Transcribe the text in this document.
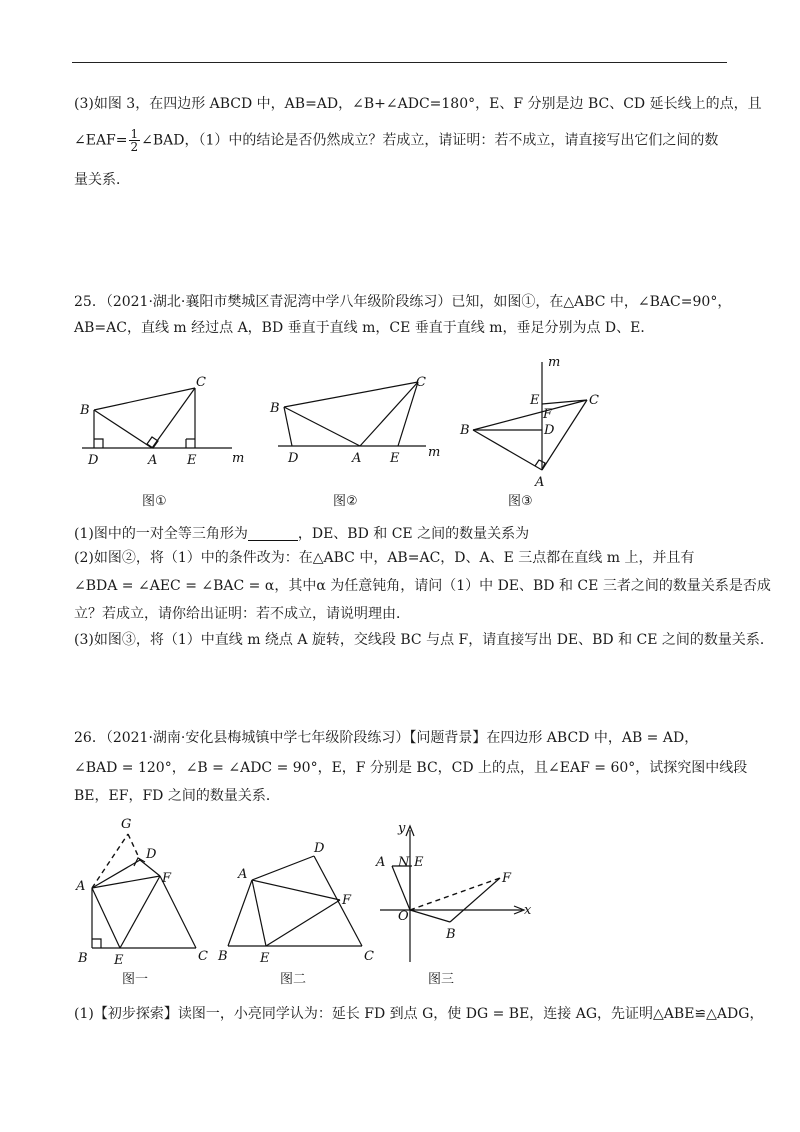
(3)如图 3，在四边形 ABCD 中，AB=AD，∠B+∠ADC=180°，E、F 分别是边 BC、CD 延长线上的点，且
∠EAF= $\frac{1}{2}$ ∠BAD，（1）中的结论是否仍然成立？若成立，请证明：若不成立，请直接写出它们之间的数
量关系．
25．（2021·湖北·襄阳市樊城区青泥湾中学八年级阶段练习）已知，如图①，在△ABC 中，∠BAC=90°，
AB=AC，直线 m 经过点 A，BD 垂直于直线 m，CE 垂直于直线 m，垂足分别为点 D、E．
B
C
D	A E	m
B
C
D	A E m
m
E	C
F
B	D
A
图①	图②	图③
(1)图中的一对全等三角形为	，DE、BD 和 CE 之间的数量关系为
(2)如图②，将（1）中的条件改为：在△ABC 中，AB=AC，D、A、E 三点都在直线 m 上，并且有
∠BDA = ∠AEC = ∠BAC = α，其中α 为任意钝角，请问（1）中 DE、BD 和 CE 三者之间的数量关系是否成
立？若成立，请你给出证明：若不成立，请说明理由．
(3)如图③，将（1）中直线 m 绕点 A 旋转，交线段 BC 与点 F，请直接写出 DE、BD 和 CE 之间的数量关系．
26．（2021·湖南·安化县梅城镇中学七年级阶段练习）【问题背景】在四边形 ABCD 中，AB = AD，
∠BAD = 120°，∠B = ∠ADC = 90°，E，F 分别是 BC，CD 上的点，且∠EAF = 60°，试探究图中线段
BE，EF，FD 之间的数量关系．
G
D
A
F
B E	C
A
D
F
B E	C
y
A N E
F
O	x
B
图一	图二	图三
(1)【初步探索】读图一，小亮同学认为：延长 FD 到点 G，使 DG = BE，连接 AG，先证明△ABE≌△ADG，
